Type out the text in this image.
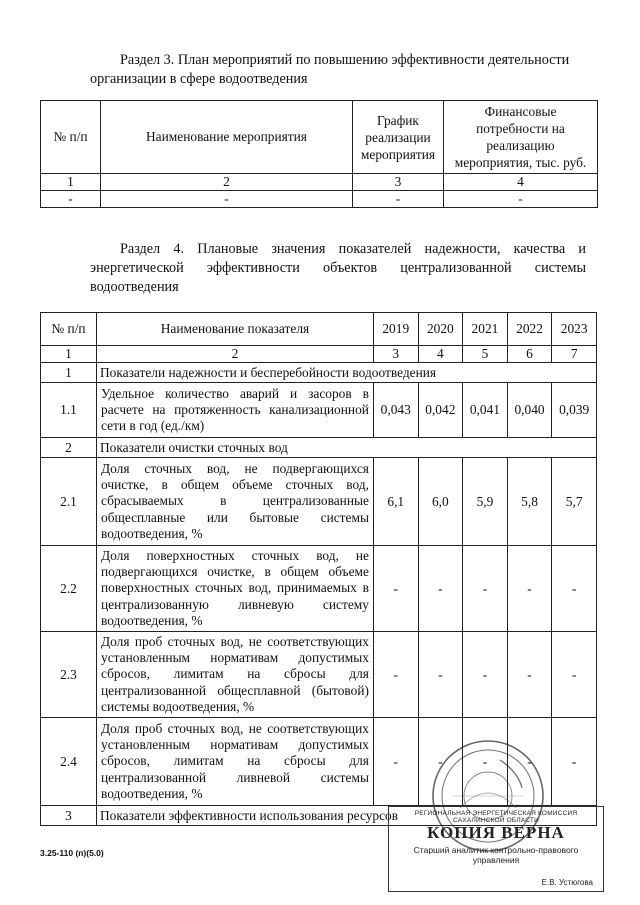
Раздел 3. План мероприятий по повышению эффективности деятельности
организации в сфере водоотведения
№ п/п	Наименование мероприятия	График реализации мероприятия	Финансовые потребности на реализацию мероприятия, тыс. руб.
1	2	3	4
-	-	-	-
Раздел 4. Плановые значения показателей надежности, качества и энергетической эффективности объектов централизованной системы водоотведения
№ п/п	Наименование показателя	2019	2020	2021	2022	2023
1	2	3	4	5	6	7
1	Показатели надежности и бесперебойности водоотведения					
1.1	Удельное количество аварий и засоров в расчете на протяженность канализационной сети в год (ед./км)	0,043	0,042	0,041	0,040	0,039
2	Показатели очистки сточных вод					
2.1	Доля сточных вод, не подвергающихся очистке, в общем объеме сточных вод, сбрасываемых в централизованные общесплавные или бытовые системы водоотведения, %	6,1	6,0	5,9	5,8	5,7
2.2	Доля поверхностных сточных вод, не подвергающихся очистке, в общем объеме поверхностных сточных вод, принимаемых в централизованную ливневую систему водоотведения, %	-	-	-	-	-
2.3	Доля проб сточных вод, не соответствующих установленным нормативам допустимых сбросов, лимитам на сбросы для централизованной общесплавной (бытовой) системы водоотведения, %	-	-	-	-	-
2.4	Доля проб сточных вод, не соответствующих установленным нормативам допустимых сбросов, лимитам на сбросы для централизованной ливневой системы водоотведения, %	-	-	-	-	-
3	Показатели эффективности использования ресурсов					
3.25-110 (п)(5.0)
РЕГИОНАЛЬНАЯ ЭНЕРГЕТИЧЕСКАЯ КОМИССИЯ САХАЛИНСКОЙ ОБЛАСТИ
КОПИЯ ВЕРНА
Старший аналитик контрольно-правового управления
Е.В. Устюгова
